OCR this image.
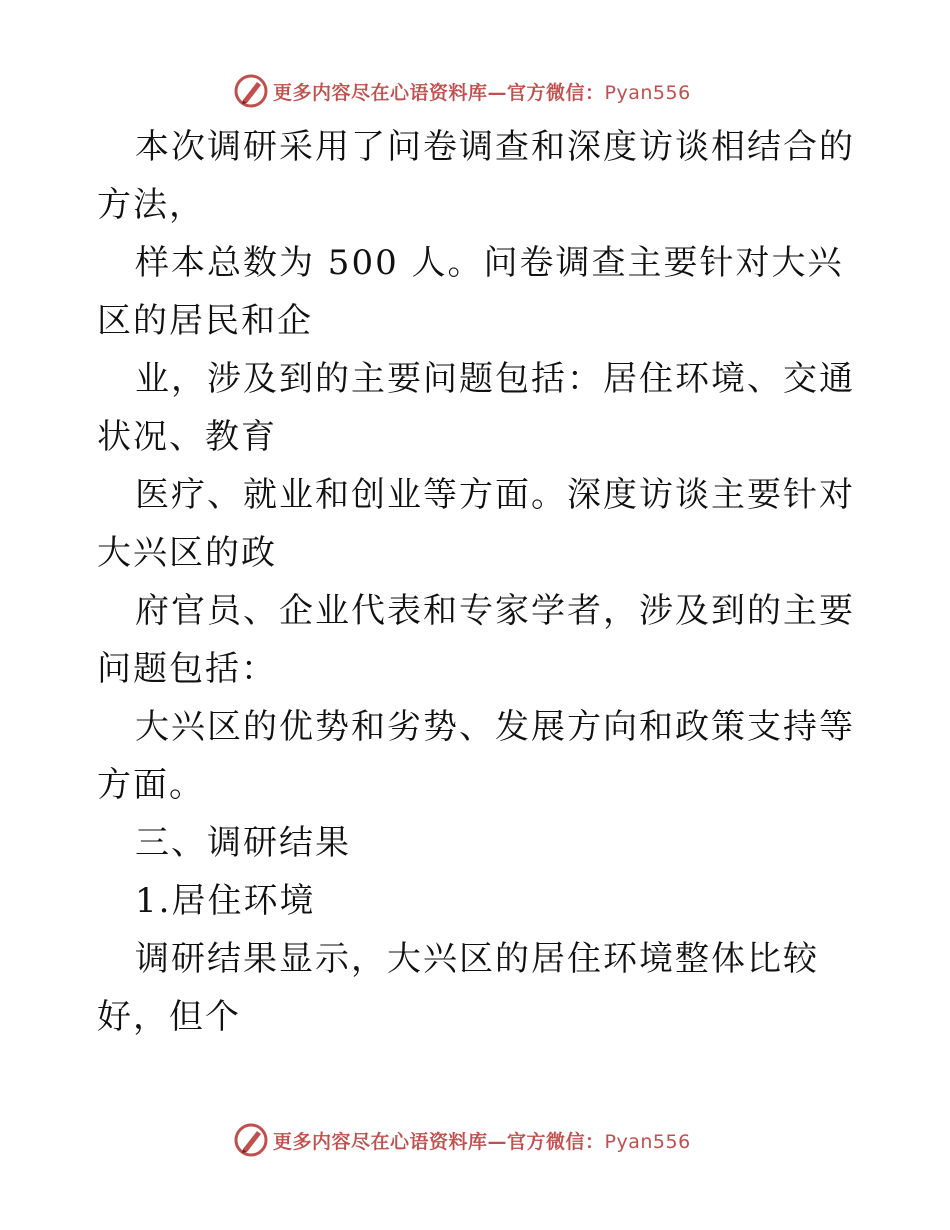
更多内容尽在心语资料库—官方微信：Pyan556

本次调研采用了问卷调查和深度访谈相结合的方法，

样本总数为 500 人。问卷调查主要针对大兴区的居民和企

业，涉及到的主要问题包括：居住环境、交通状况、教育

医疗、就业和创业等方面。深度访谈主要针对大兴区的政

府官员、企业代表和专家学者，涉及到的主要问题包括：

大兴区的优势和劣势、发展方向和政策支持等方面。

三、调研结果

1.居住环境

调研结果显示，大兴区的居住环境整体比较好，但个

更多内容尽在心语资料库—官方微信：Pyan556
